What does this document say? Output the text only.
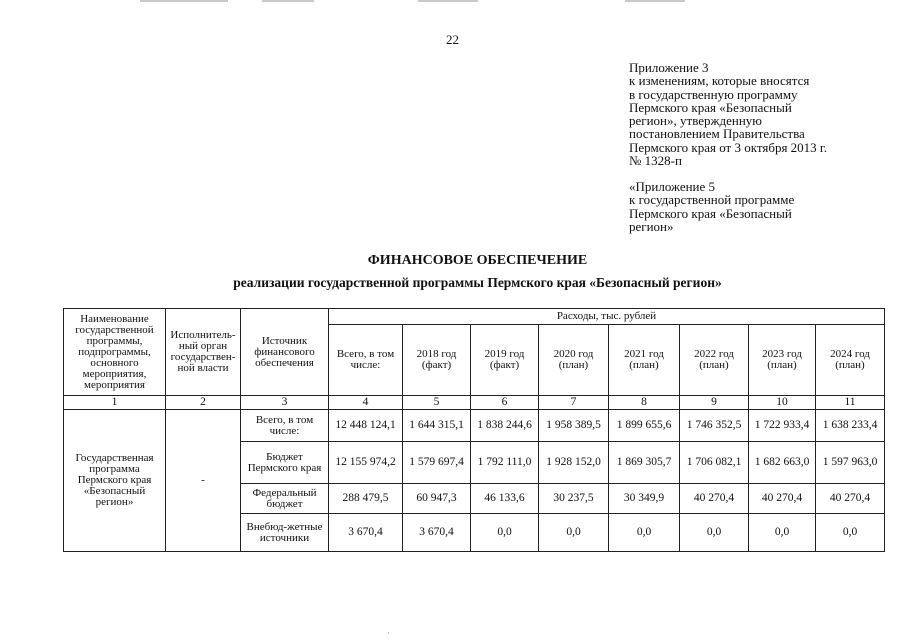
22
Приложение 3
к изменениям, которые вносятся
в государственную программу
Пермского края «Безопасный
регион», утвержденную
постановлением Правительства
Пермского края от 3 октября 2013 г.
№ 1328-п
«Приложение 5
к государственной программе
Пермского края «Безопасный
регион»
ФИНАНСОВОЕ ОБЕСПЕЧЕНИЕ
реализации государственной программы Пермского края «Безопасный регион»
Наименование государственной программы, подпрограммы, основного мероприятия, мероприятия	Исполнитель-ный орган государствен-ной власти	Источник финансового обеспечения	Расходы, тыс. рублей							
			Всего, в том числе:	2018 год (факт)	2019 год (факт)	2020 год (план)	2021 год (план)	2022 год (план)	2023 год (план)	2024 год (план)
1	2	3	4	5	6	7	8	9	10	11
Государственная программа Пермского края «Безопасный регион»	-	Всего, в том числе:	12 448 124,1	1 644 315,1	1 838 244,6	1 958 389,5	1 899 655,6	1 746 352,5	1 722 933,4	1 638 233,4
		Бюджет Пермского края	12 155 974,2	1 579 697,4	1 792 111,0	1 928 152,0	1 869 305,7	1 706 082,1	1 682 663,0	1 597 963,0
		Федеральный бюджет	288 479,5	60 947,3	46 133,6	30 237,5	30 349,9	40 270,4	40 270,4	40 270,4
		Внебюд-жетные источники	3 670,4	3 670,4	0,0	0,0	0,0	0,0	0,0	0,0
·
